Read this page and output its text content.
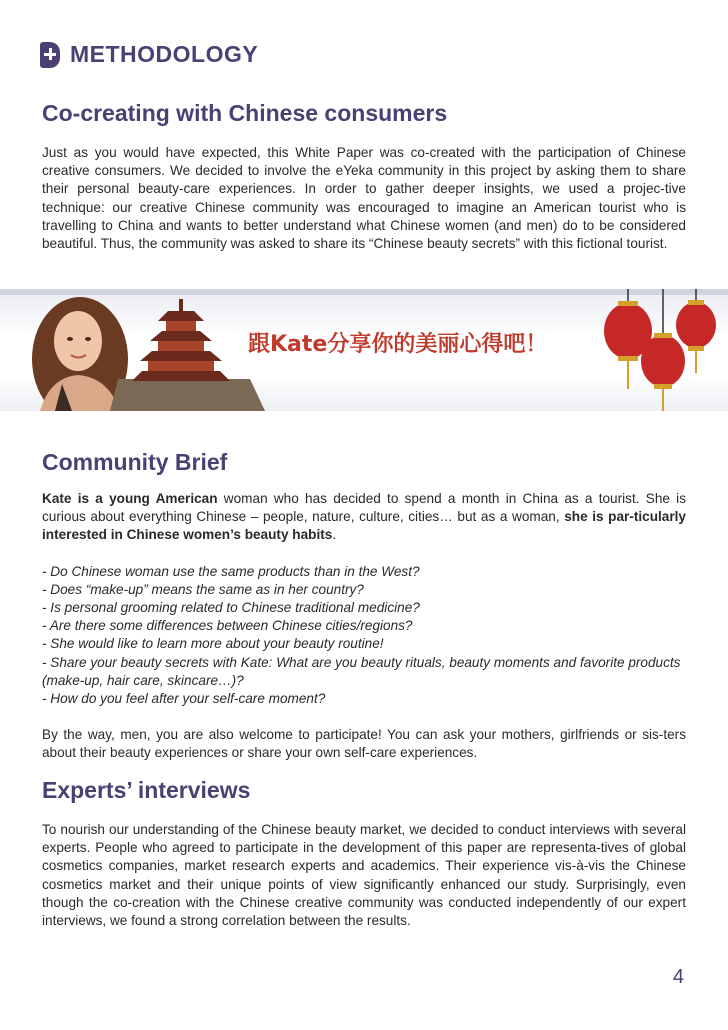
METHODOLOGY
Co-creating with Chinese consumers

Just as you would have expected, this White Paper was co-created with the participation of Chinese creative consumers. We decided to involve the eYeka community in this project by asking them to share their personal beauty-care experiences. In order to gather deeper insights, we used a projec-tive technique: our creative Chinese community was encouraged to imagine an American tourist who is travelling to China and wants to better understand what Chinese women (and men) do to be considered beautiful. Thus, the community was asked to share its “Chinese beauty secrets” with this fictional tourist.

跟Kate分享你的美丽心得吧！
Community Brief

Kate is a young American woman who has decided to spend a month in China as a tourist. She is curious about everything Chinese – people, nature, culture, cities… but as a woman, she is par-ticularly interested in Chinese women’s beauty habits.

- Do Chinese woman use the same products than in the West?

- Does “make-up” means the same as in her country?

- Is personal grooming related to Chinese traditional medicine?

- Are there some differences between Chinese cities/regions?

- She would like to learn more about your beauty routine!

- Share your beauty secrets with Kate: What are you beauty rituals, beauty moments and favorite products (make-up, hair care, skincare…)?

- How do you feel after your self-care moment?

By the way, men, you are also welcome to participate! You can ask your mothers, girlfriends or sis-ters about their beauty experiences or share your own self-care experiences.

Experts’ interviews

To nourish our understanding of the Chinese beauty market, we decided to conduct interviews with several experts. People who agreed to participate in the development of this paper are representa-tives of global cosmetics companies, market research experts and academics. Their experience vis-à-vis the Chinese cosmetics market and their unique points of view significantly enhanced our study. Surprisingly, even though the co-creation with the Chinese creative community was conducted independently of our expert interviews, we found a strong correlation between the results.

4
